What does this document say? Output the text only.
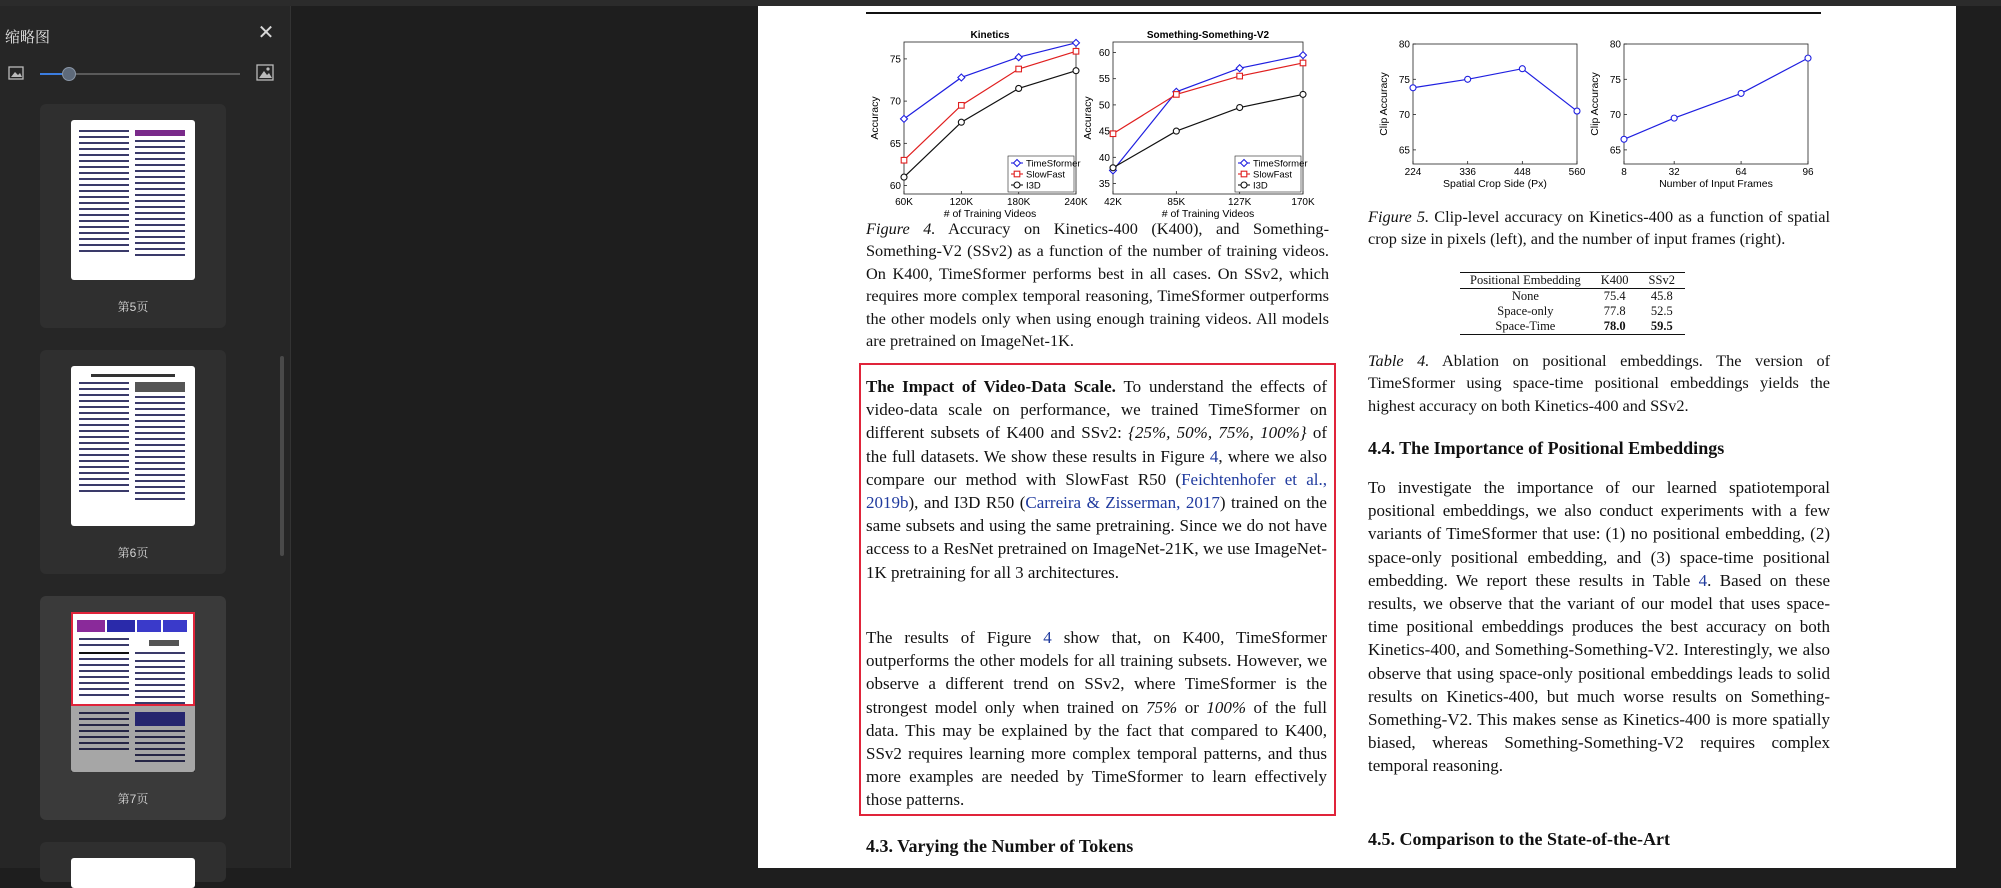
缩略图	✕
第5页
第6页
第7页
Kinetics
60K	120K	180K	240K
60
65
70
75
# of Training Videos
Accuracy
TimeSformer
SlowFast
I3D
Something-Something-V2
42K	85K	127K	170K
35
40
45
50
55
60
# of Training Videos
Accuracy
TimeSformer
SlowFast
I3D
224	336	448	560
65
70
75
80
Spatial Crop Side (Px)
Clip Accuracy
8	32	64	96
65
70
75
80
Number of Input Frames
Clip Accuracy
Figure 4. Accuracy on Kinetics-400 (K400), and Something-Something-V2 (SSv2) as a function of the number of training videos. On K400, TimeSformer performs best in all cases. On SSv2, which requires more complex temporal reasoning, TimeSformer outperforms the other models only when using enough training videos. All models are pretrained on ImageNet-1K.
Figure 5. Clip-level accuracy on Kinetics-400 as a function of spatial crop size in pixels (left), and the number of input frames (right).
Positional Embedding	K400	SSv2
None	75.4	45.8
Space-only	77.8	52.5
Space-Time	78.0	59.5
Table 4. Ablation on positional embeddings. The version of TimeSformer using space-time positional embeddings yields the highest accuracy on both Kinetics-400 and SSv2.
The Impact of Video-Data Scale. To understand the effects of video-data scale on performance, we trained TimeSformer on different subsets of K400 and SSv2: {25%, 50%, 75%, 100%} of the full datasets. We show these results in Figure 4, where we also compare our method with SlowFast R50 (Feichtenhofer et al., 2019b), and I3D R50 (Carreira & Zisserman, 2017) trained on the same subsets and using the same pretraining. Since we do not have access to a ResNet pretrained on ImageNet-21K, we use ImageNet-1K pretraining for all 3 architectures.
The results of Figure 4 show that, on K400, TimeSformer outperforms the other models for all training subsets. However, we observe a different trend on SSv2, where TimeSformer is the strongest model only when trained on 75% or 100% of the full data. This may be explained by the fact that compared to K400, SSv2 requires learning more complex temporal patterns, and thus more examples are needed by TimeSformer to learn effectively those patterns.
4.3. Varying the Number of Tokens
4.4. The Importance of Positional Embeddings
To investigate the importance of our learned spatiotemporal positional embeddings, we also conduct experiments with a few variants of TimeSformer that use: (1) no positional embedding, (2) space-only positional embedding, and (3) space-time positional embedding. We report these results in Table 4. Based on these results, we observe that the variant of our model that uses space-time positional embeddings produces the best accuracy on both Kinetics-400, and Something-Something-V2. Interestingly, we also observe that using space-only positional embeddings leads to solid results on Kinetics-400, but much worse results on Something-Something-V2. This makes sense as Kinetics-400 is more spatially biased, whereas Something-Something-V2 requires complex temporal reasoning.
4.5. Comparison to the State-of-the-Art
